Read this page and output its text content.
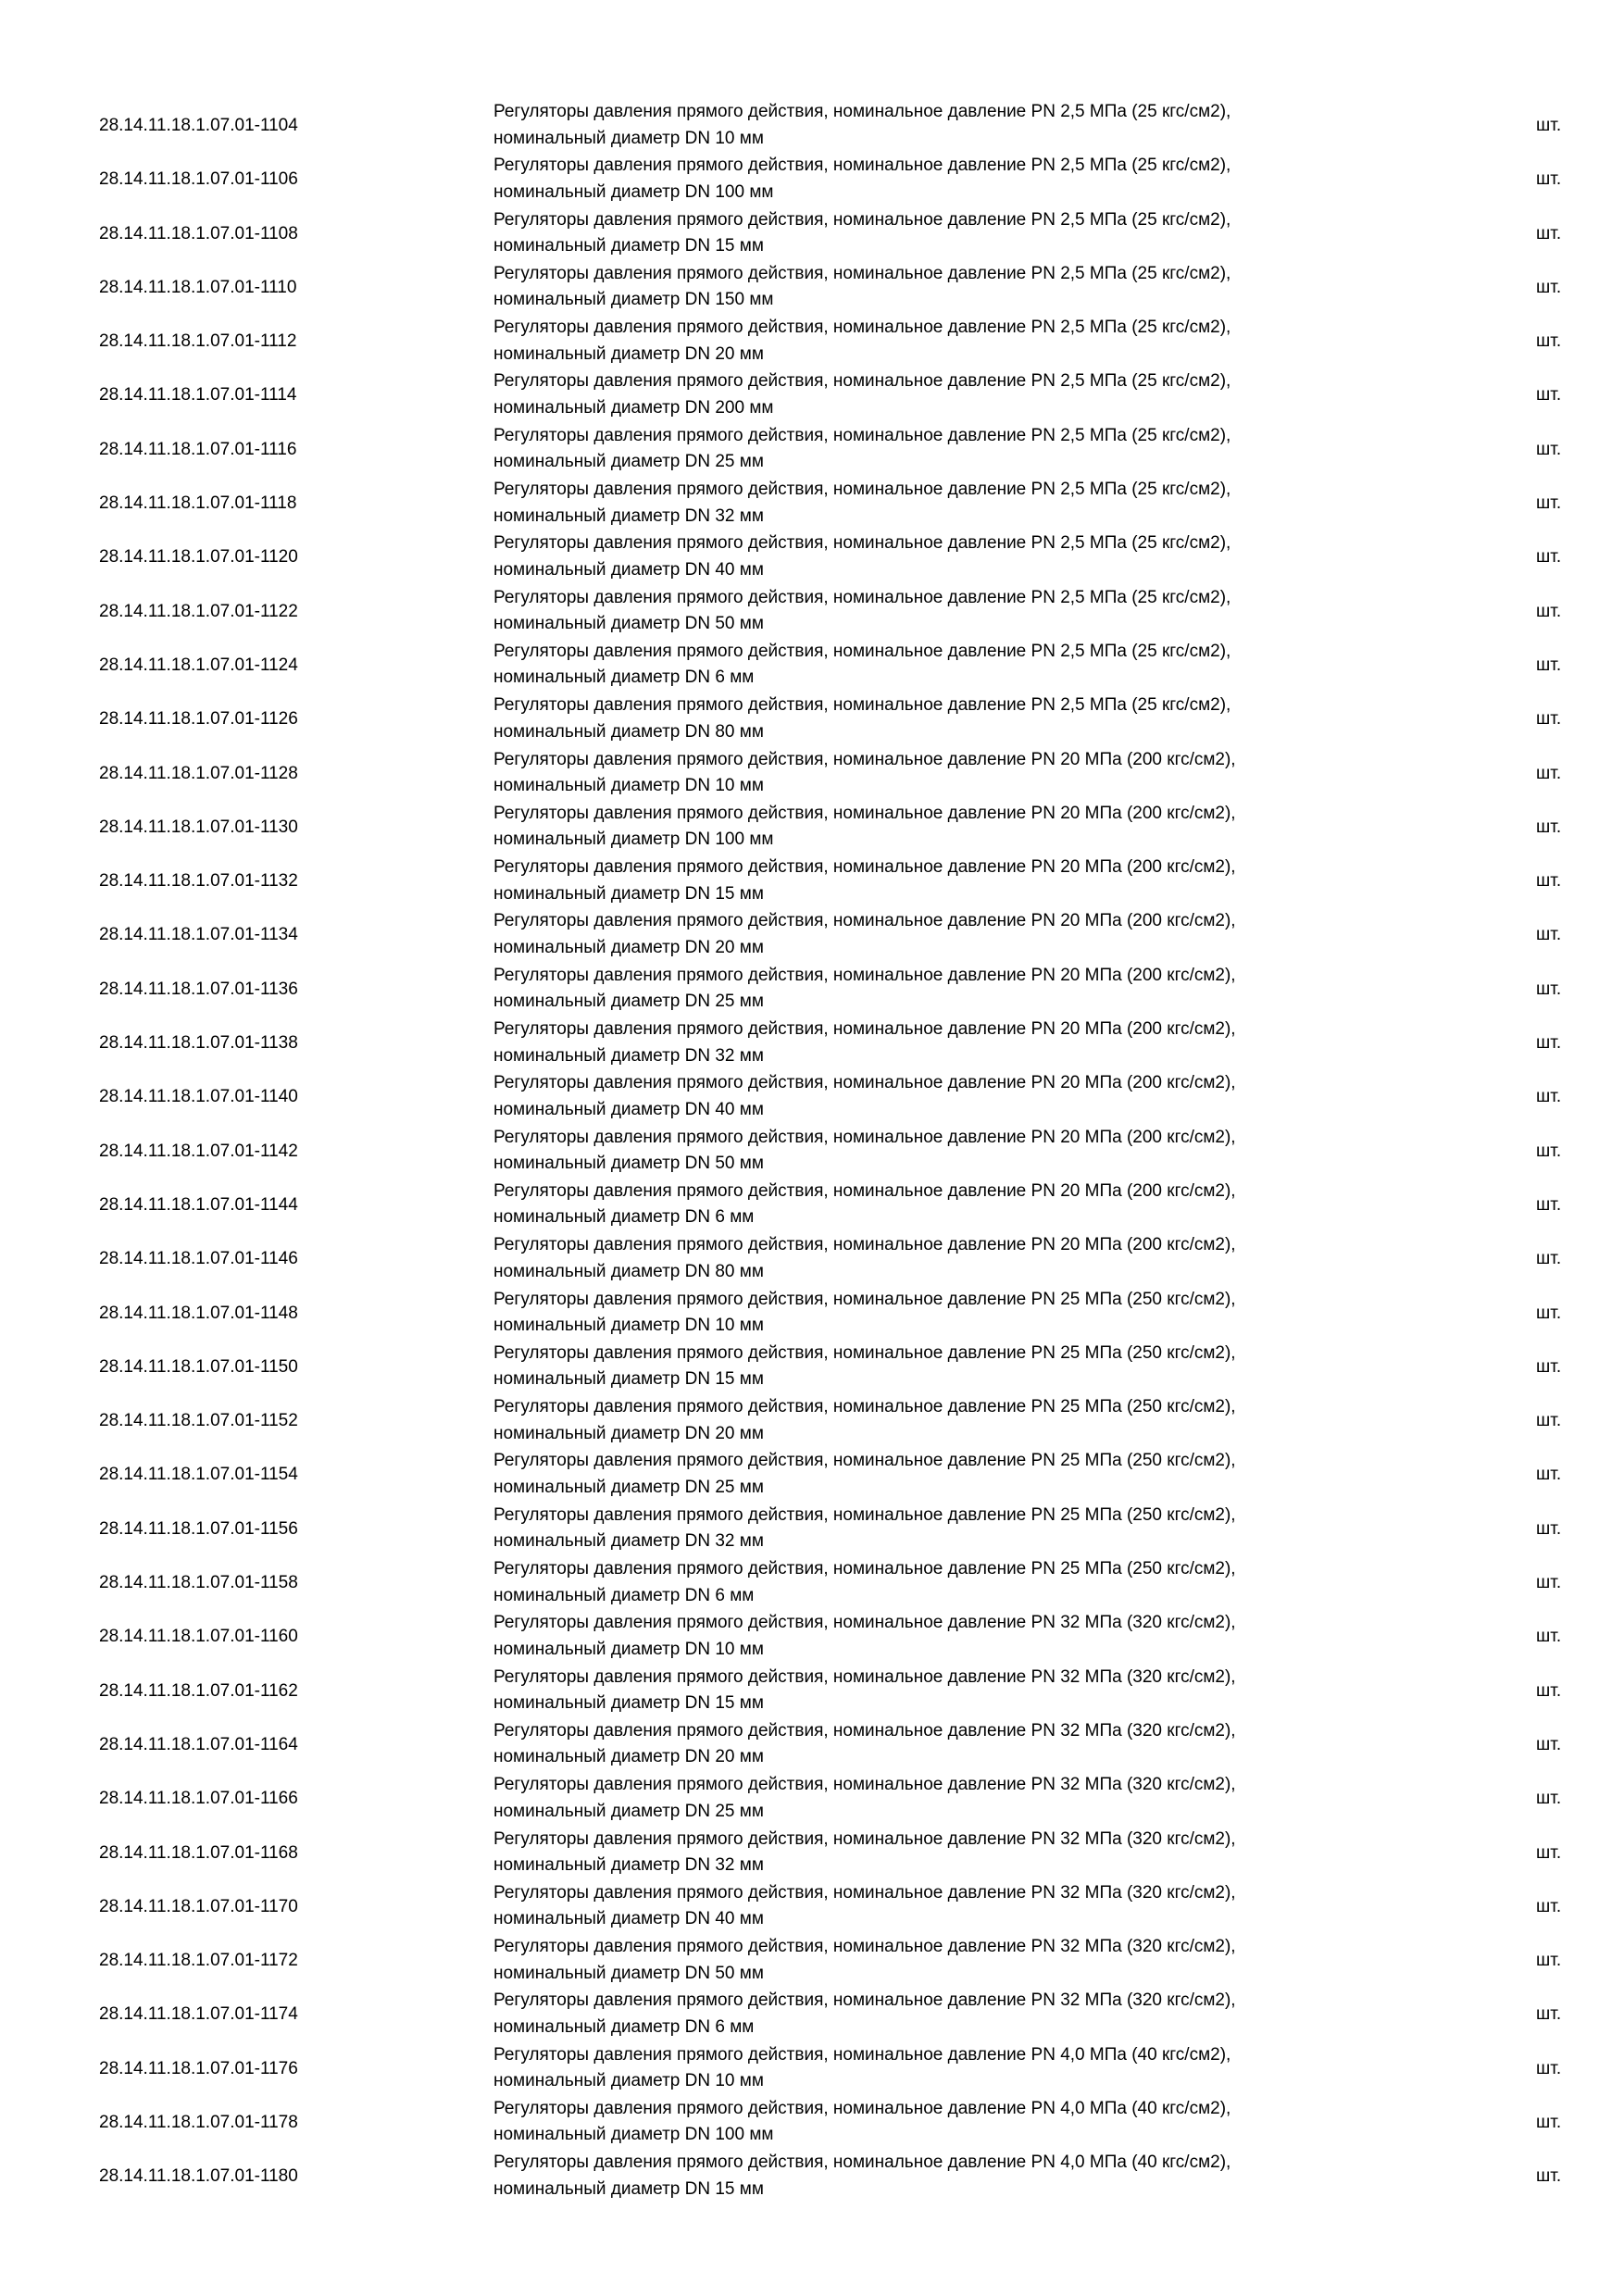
28.14.11.18.1.07.01-1104
Регуляторы давления прямого действия, номинальное давление PN 2,5 МПа (25 кгс/см2),
номинальный диаметр DN 10 мм
шт.
28.14.11.18.1.07.01-1106
Регуляторы давления прямого действия, номинальное давление PN 2,5 МПа (25 кгс/см2),
номинальный диаметр DN 100 мм
шт.
28.14.11.18.1.07.01-1108
Регуляторы давления прямого действия, номинальное давление PN 2,5 МПа (25 кгс/см2),
номинальный диаметр DN 15 мм
шт.
28.14.11.18.1.07.01-1110
Регуляторы давления прямого действия, номинальное давление PN 2,5 МПа (25 кгс/см2),
номинальный диаметр DN 150 мм
шт.
28.14.11.18.1.07.01-1112
Регуляторы давления прямого действия, номинальное давление PN 2,5 МПа (25 кгс/см2),
номинальный диаметр DN 20 мм
шт.
28.14.11.18.1.07.01-1114
Регуляторы давления прямого действия, номинальное давление PN 2,5 МПа (25 кгс/см2),
номинальный диаметр DN 200 мм
шт.
28.14.11.18.1.07.01-1116
Регуляторы давления прямого действия, номинальное давление PN 2,5 МПа (25 кгс/см2),
номинальный диаметр DN 25 мм
шт.
28.14.11.18.1.07.01-1118
Регуляторы давления прямого действия, номинальное давление PN 2,5 МПа (25 кгс/см2),
номинальный диаметр DN 32 мм
шт.
28.14.11.18.1.07.01-1120
Регуляторы давления прямого действия, номинальное давление PN 2,5 МПа (25 кгс/см2),
номинальный диаметр DN 40 мм
шт.
28.14.11.18.1.07.01-1122
Регуляторы давления прямого действия, номинальное давление PN 2,5 МПа (25 кгс/см2),
номинальный диаметр DN 50 мм
шт.
28.14.11.18.1.07.01-1124
Регуляторы давления прямого действия, номинальное давление PN 2,5 МПа (25 кгс/см2),
номинальный диаметр DN 6 мм
шт.
28.14.11.18.1.07.01-1126
Регуляторы давления прямого действия, номинальное давление PN 2,5 МПа (25 кгс/см2),
номинальный диаметр DN 80 мм
шт.
28.14.11.18.1.07.01-1128
Регуляторы давления прямого действия, номинальное давление PN 20 МПа (200 кгс/см2),
номинальный диаметр DN 10 мм
шт.
28.14.11.18.1.07.01-1130
Регуляторы давления прямого действия, номинальное давление PN 20 МПа (200 кгс/см2),
номинальный диаметр DN 100 мм
шт.
28.14.11.18.1.07.01-1132
Регуляторы давления прямого действия, номинальное давление PN 20 МПа (200 кгс/см2),
номинальный диаметр DN 15 мм
шт.
28.14.11.18.1.07.01-1134
Регуляторы давления прямого действия, номинальное давление PN 20 МПа (200 кгс/см2),
номинальный диаметр DN 20 мм
шт.
28.14.11.18.1.07.01-1136
Регуляторы давления прямого действия, номинальное давление PN 20 МПа (200 кгс/см2),
номинальный диаметр DN 25 мм
шт.
28.14.11.18.1.07.01-1138
Регуляторы давления прямого действия, номинальное давление PN 20 МПа (200 кгс/см2),
номинальный диаметр DN 32 мм
шт.
28.14.11.18.1.07.01-1140
Регуляторы давления прямого действия, номинальное давление PN 20 МПа (200 кгс/см2),
номинальный диаметр DN 40 мм
шт.
28.14.11.18.1.07.01-1142
Регуляторы давления прямого действия, номинальное давление PN 20 МПа (200 кгс/см2),
номинальный диаметр DN 50 мм
шт.
28.14.11.18.1.07.01-1144
Регуляторы давления прямого действия, номинальное давление PN 20 МПа (200 кгс/см2),
номинальный диаметр DN 6 мм
шт.
28.14.11.18.1.07.01-1146
Регуляторы давления прямого действия, номинальное давление PN 20 МПа (200 кгс/см2),
номинальный диаметр DN 80 мм
шт.
28.14.11.18.1.07.01-1148
Регуляторы давления прямого действия, номинальное давление PN 25 МПа (250 кгс/см2),
номинальный диаметр DN 10 мм
шт.
28.14.11.18.1.07.01-1150
Регуляторы давления прямого действия, номинальное давление PN 25 МПа (250 кгс/см2),
номинальный диаметр DN 15 мм
шт.
28.14.11.18.1.07.01-1152
Регуляторы давления прямого действия, номинальное давление PN 25 МПа (250 кгс/см2),
номинальный диаметр DN 20 мм
шт.
28.14.11.18.1.07.01-1154
Регуляторы давления прямого действия, номинальное давление PN 25 МПа (250 кгс/см2),
номинальный диаметр DN 25 мм
шт.
28.14.11.18.1.07.01-1156
Регуляторы давления прямого действия, номинальное давление PN 25 МПа (250 кгс/см2),
номинальный диаметр DN 32 мм
шт.
28.14.11.18.1.07.01-1158
Регуляторы давления прямого действия, номинальное давление PN 25 МПа (250 кгс/см2),
номинальный диаметр DN 6 мм
шт.
28.14.11.18.1.07.01-1160
Регуляторы давления прямого действия, номинальное давление PN 32 МПа (320 кгс/см2),
номинальный диаметр DN 10 мм
шт.
28.14.11.18.1.07.01-1162
Регуляторы давления прямого действия, номинальное давление PN 32 МПа (320 кгс/см2),
номинальный диаметр DN 15 мм
шт.
28.14.11.18.1.07.01-1164
Регуляторы давления прямого действия, номинальное давление PN 32 МПа (320 кгс/см2),
номинальный диаметр DN 20 мм
шт.
28.14.11.18.1.07.01-1166
Регуляторы давления прямого действия, номинальное давление PN 32 МПа (320 кгс/см2),
номинальный диаметр DN 25 мм
шт.
28.14.11.18.1.07.01-1168
Регуляторы давления прямого действия, номинальное давление PN 32 МПа (320 кгс/см2),
номинальный диаметр DN 32 мм
шт.
28.14.11.18.1.07.01-1170
Регуляторы давления прямого действия, номинальное давление PN 32 МПа (320 кгс/см2),
номинальный диаметр DN 40 мм
шт.
28.14.11.18.1.07.01-1172
Регуляторы давления прямого действия, номинальное давление PN 32 МПа (320 кгс/см2),
номинальный диаметр DN 50 мм
шт.
28.14.11.18.1.07.01-1174
Регуляторы давления прямого действия, номинальное давление PN 32 МПа (320 кгс/см2),
номинальный диаметр DN 6 мм
шт.
28.14.11.18.1.07.01-1176
Регуляторы давления прямого действия, номинальное давление PN 4,0 МПа (40 кгс/см2),
номинальный диаметр DN 10 мм
шт.
28.14.11.18.1.07.01-1178
Регуляторы давления прямого действия, номинальное давление PN 4,0 МПа (40 кгс/см2),
номинальный диаметр DN 100 мм
шт.
28.14.11.18.1.07.01-1180
Регуляторы давления прямого действия, номинальное давление PN 4,0 МПа (40 кгс/см2),
номинальный диаметр DN 15 мм
шт.
